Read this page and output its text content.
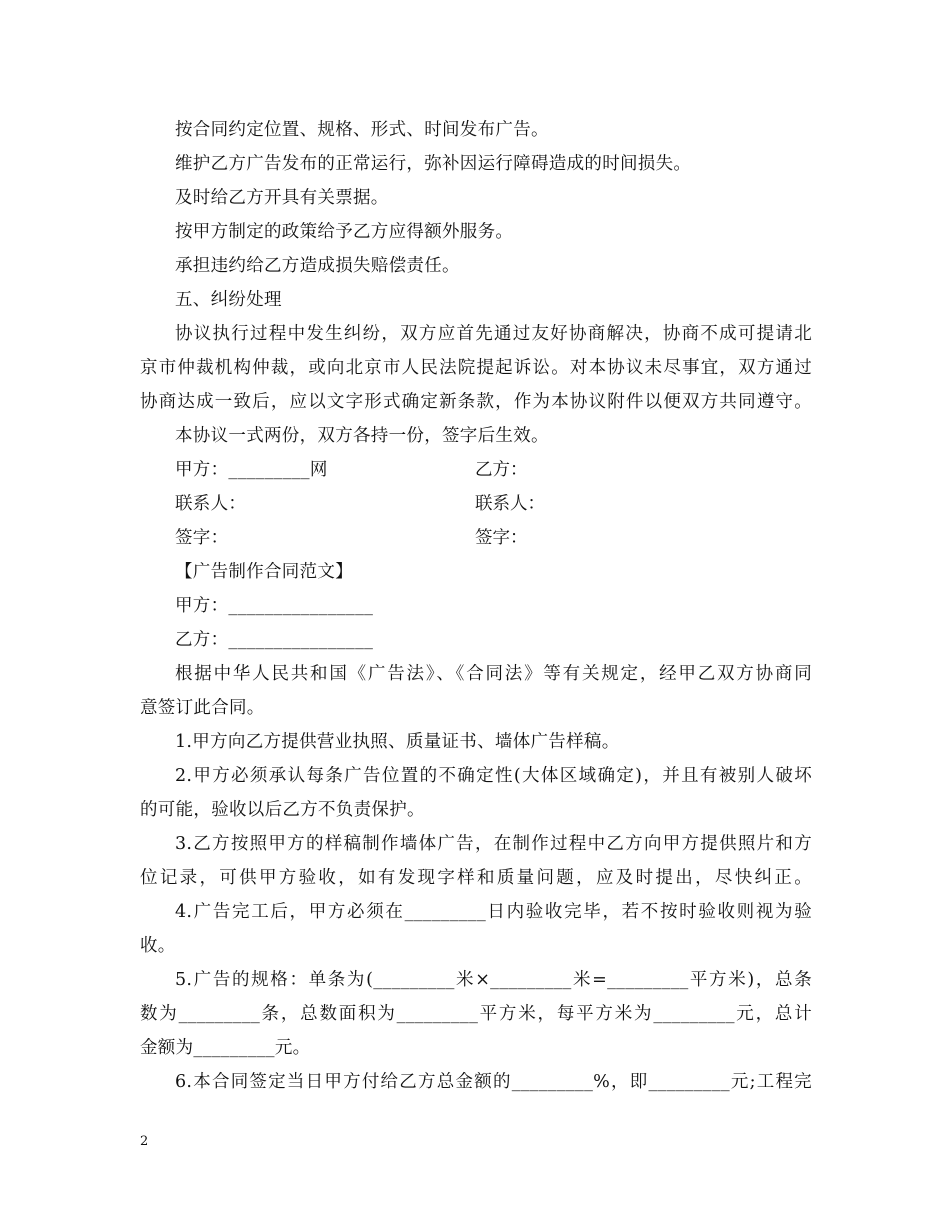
按合同约定位置、规格、形式、时间发布广告。
维护乙方广告发布的正常运行，弥补因运行障碍造成的时间损失。
及时给乙方开具有关票据。
按甲方制定的政策给予乙方应得额外服务。
承担违约给乙方造成损失赔偿责任。
五、纠纷处理
协议执行过程中发生纠纷，双方应首先通过友好协商解决，协商不成可提请北
京市仲裁机构仲裁，或向北京市人民法院提起诉讼。对本协议未尽事宜，双方通过
协商达成一致后，应以文字形式确定新条款，作为本协议附件以便双方共同遵守。
本协议一式两份，双方各持一份，签字后生效。
甲方：_________网	乙方：
联系人：	联系人：
签字：	签字：
【广告制作合同范文】
甲方：________________
乙方：________________
根据中华人民共和国《广告法》、《合同法》等有关规定，经甲乙双方协商同
意签订此合同。
1.甲方向乙方提供营业执照、质量证书、墙体广告样稿。
2.甲方必须承认每条广告位置的不确定性(大体区域确定)，并且有被别人破坏
的可能，验收以后乙方不负责保护。
3.乙方按照甲方的样稿制作墙体广告，在制作过程中乙方向甲方提供照片和方
位记录，可供甲方验收，如有发现字样和质量问题，应及时提出，尽快纠正。
4.广告完工后，甲方必须在_________日内验收完毕，若不按时验收则视为验
收。
5.广告的规格：单条为(_________米×_________米=_________平方米)，总条
数为_________条，总数面积为_________平方米，每平方米为_________元，总计
金额为_________元。
6.本合同签定当日甲方付给乙方总金额的_________%，即_________元;工程完
2
